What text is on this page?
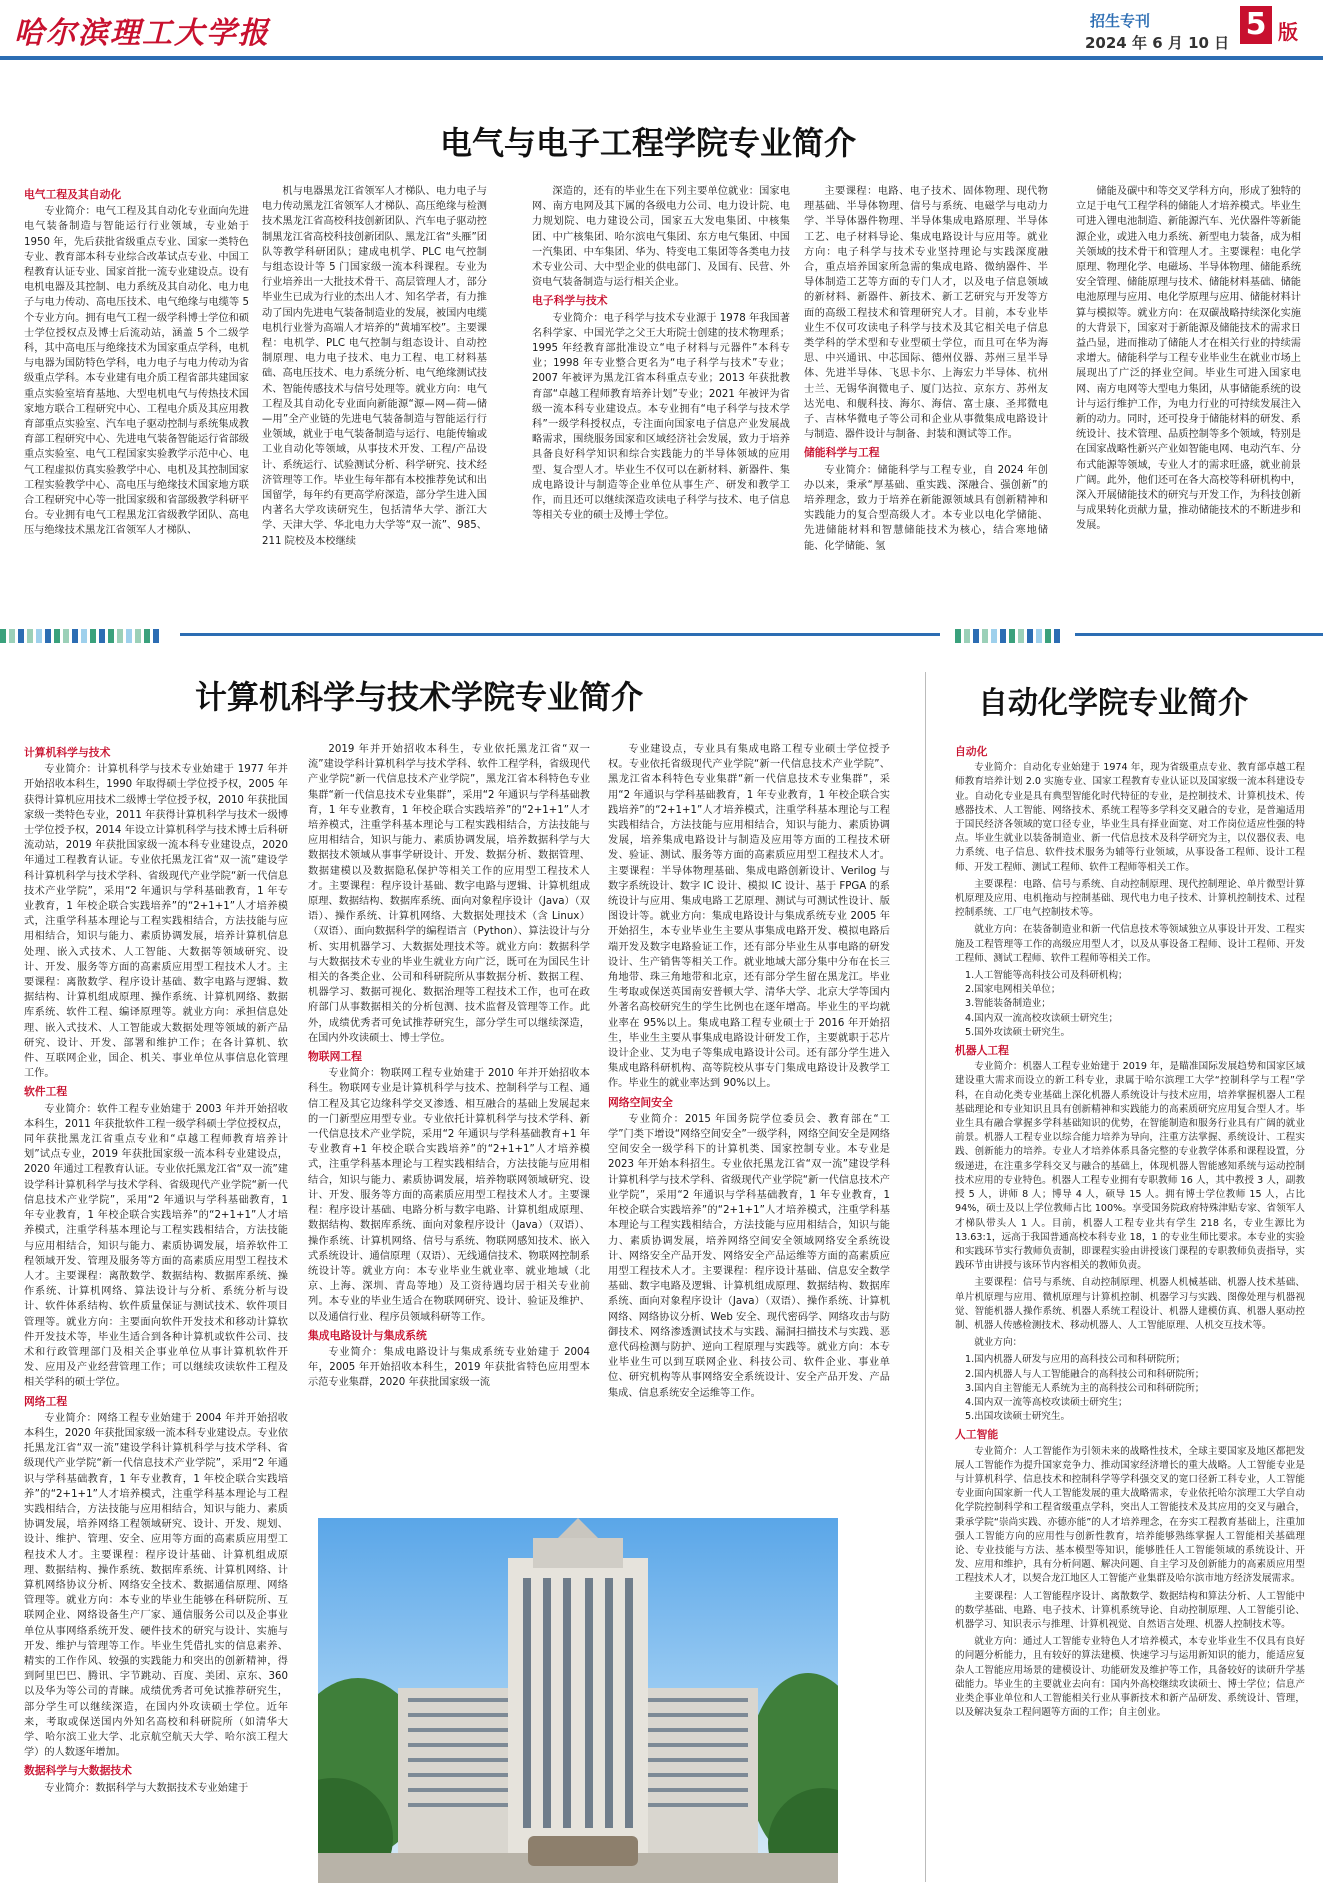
哈尔滨理工大学报	招生专刊
2024 年 6 月 10 日
5 版
电气与电子工程学院专业简介
电气工程及其自动化

专业简介：电气工程及其自动化专业面向先进电气装备制造与智能运行行业领域，专业始于 1950 年，先后获批省级重点专业、国家一类特色专业、教育部本科专业综合改革试点专业、中国工程教育认证专业、国家首批一流专业建设点。设有电机电器及其控制、电力系统及其自动化、电力电子与电力传动、高电压技术、电气绝缘与电缆等 5 个专业方向。拥有电气工程一级学科博士学位和硕士学位授权点及博士后流动站，涵盖 5 个二级学科，其中高电压与绝缘技术为国家重点学科，电机与电器为国防特色学科，电力电子与电力传动为省级重点学科。本专业建有电介质工程省部共建国家重点实验室培育基地、大型电机电气与传热技术国家地方联合工程研究中心、工程电介质及其应用教育部重点实验室、汽车电子驱动控制与系统集成教育部工程研究中心、先进电气装备智能运行省部级重点实验室、电气工程国家实验教学示范中心、电气工程虚拟仿真实验教学中心、电机及其控制国家工程实验教学中心、高电压与绝缘技术国家地方联合工程研究中心等一批国家级和省部级教学科研平台。专业拥有电气工程黑龙江省级教学团队、高电压与绝缘技术黑龙江省领军人才梯队、

机与电器黑龙江省领军人才梯队、电力电子与电力传动黑龙江省领军人才梯队、高压绝缘与检测技术黑龙江省高校科技创新团队、汽车电子驱动控制黑龙江省高校科技创新团队、黑龙江省“头雁”团队等教学科研团队；建成电机学、PLC 电气控制与组态设计等 5 门国家级一流本科课程。专业为行业培养出一大批技术骨干、高层管理人才，部分毕业生已成为行业的杰出人才、知名学者，有力推动了国内先进电气装备制造业的发展，被国内电缆电机行业誉为高端人才培养的“黄埔军校”。主要课程：电机学、PLC 电气控制与组态设计、自动控制原理、电力电子技术、电力工程、电工材料基础、高电压技术、电力系统分析、电气绝缘测试技术、智能传感技术与信号处理等。就业方向：电气工程及其自动化专业面向新能源“源—网—荷—储—用”全产业链的先进电气装备制造与智能运行行业领域，就业于电气装备制造与运行、电能传输或工业自动化等领域，从事技术开发、工程/产品设计、系统运行、试验测试分析、科学研究、技术经济管理等工作。毕业生每年都有本校推荐免试和出国留学，每年约有更高学府深造，部分学生进入国内著名大学攻读研究生，包括清华大学、浙江大学、天津大学、华北电力大学等“双一流”、985、211 院校及本校继续

深造的，还有的毕业生在下列主要单位就业：国家电网、南方电网及其下属的各级电力公司、电力设计院、电力规划院、电力建设公司，国家五大发电集团、中核集团、中广核集团、哈尔滨电气集团、东方电气集团、中国一汽集团、中车集团、华为、特变电工集团等各类电力技术专业公司、大中型企业的供电部门、及国有、民营、外资电气装备制造与运行相关企业。

电子科学与技术

专业简介：电子科学与技术专业源于 1978 年我国著名科学家、中国光学之父王大珩院士创建的技术物理系；1995 年经教育部批准设立“电子材料与元器件”本科专业；1998 年专业整合更名为“电子科学与技术”专业；2007 年被评为黑龙江省本科重点专业；2013 年获批教育部“卓越工程师教育培养计划”专业；2021 年被评为省级一流本科专业建设点。本专业拥有“电子科学与技术学科”一级学科授权点，专注面向国家电子信息产业发展战略需求，围绕服务国家和区域经济社会发展，致力于培养具备良好科学知识和综合实践能力的半导体领域的应用型、复合型人才。毕业生不仅可以在新材料、新器件、集成电路设计与制造等企业单位从事生产、研发和教学工作，而且还可以继续深造攻读电子科学与技术、电子信息等相关专业的硕士及博士学位。

主要课程：电路、电子技术、固体物理、现代物理基础、半导体物理、信号与系统、电磁学与电动力学、半导体器件物理、半导体集成电路原理、半导体工艺、电子材料导论、集成电路设计与应用等。就业方向：电子科学与技术专业坚持理论与实践深度融合，重点培养国家所急需的集成电路、微纳器件、半导体制造工艺等方面的专门人才，以及电子信息领域的新材料、新器件、新技术、新工艺研究与开发等方面的高级工程技术和管理研究人才。目前，本专业毕业生不仅可攻读电子科学与技术及其它相关电子信息类学科的学术型和专业型硕士学位，而且可在华为海思、中兴通讯、中芯国际、德州仪器、苏州三星半导体、先进半导体、飞思卡尔、上海宏力半导体、杭州士兰、无锡华润微电子、厦门达拉、京东方、苏州友达光电、和舰科技、海尔、海信、富士康、圣邦微电子、吉林华微电子等公司和企业从事微集成电路设计与制造、器件设计与制备、封装和测试等工作。

储能科学与工程

专业简介：储能科学与工程专业，自 2024 年创办以来，秉承“厚基础、重实践、深融合、强创新”的培养理念，致力于培养在新能源领域具有创新精神和实践能力的复合型高级人才。本专业以电化学储能、先进储能材料和智慧储能技术为核心，结合寒地储能、化学储能、氢

储能及碳中和等交叉学科方向，形成了独特的立足于电气工程学科的储能人才培养模式。毕业生可进入锂电池制造、新能源汽车、光伏器件等新能源企业，或进入电力系统、新型电力装备，成为相关领域的技术骨干和管理人才。主要课程：电化学原理、物理化学、电磁场、半导体物理、储能系统安全管理、储能原理与技术、储能材料基础、储能电池原理与应用、电化学原理与应用、储能材料计算与模拟等。就业方向：在双碳战略持续深化实施的大背景下，国家对于新能源及储能技术的需求日益凸显，进而推动了储能人才在相关行业的持续需求增大。储能科学与工程专业毕业生在就业市场上展现出了广泛的择业空间。毕业生可进入国家电网、南方电网等大型电力集团，从事储能系统的设计与运行维护工作，为电力行业的可持续发展注入新的动力。同时，还可投身于储能材料的研发、系统设计、技术管理、品质控制等多个领域，特别是在国家战略性新兴产业如智能电网、电动汽车、分布式能源等领域，专业人才的需求旺盛，就业前景广阔。此外，他们还可在各大高校等科研机构中，深入开展储能技术的研究与开发工作，为科技创新与成果转化贡献力量，推动储能技术的不断进步和发展。

计算机科学与技术学院专业简介	自动化学院专业简介
计算机科学与技术

专业简介：计算机科学与技术专业始建于 1977 年并开始招收本科生，1990 年取得硕士学位授予权，2005 年获得计算机应用技术二级博士学位授予权，2010 年获批国家级一类特色专业，2011 年获得计算机科学与技术一级博士学位授予权，2014 年设立计算机科学与技术博士后科研流动站，2019 年获批国家级一流本科专业建设点，2020 年通过工程教育认证。专业依托黑龙江省“双一流”建设学科计算机科学与技术学科、省级现代产业学院“新一代信息技术产业学院”，采用“2 年通识与学科基础教育，1 年专业教育，1 年校企联合实践培养”的“2+1+1”人才培养模式，注重学科基本理论与工程实践相结合，方法技能与应用相结合，知识与能力、素质协调发展，培养计算机信息处理、嵌入式技术、人工智能、大数据等领域研究、设计、开发、服务等方面的高素质应用型工程技术人才。主要课程：离散数学、程序设计基础、数字电路与逻辑、数据结构、计算机组成原理、操作系统、计算机网络、数据库系统、软件工程、编译原理等。就业方向：承担信息处理、嵌入式技术、人工智能或大数据处理等领域的新产品研究、设计、开发、部署和维护工作；在各计算机、软件、互联网企业，国企、机关、事业单位从事信息化管理工作。

软件工程

专业简介：软件工程专业始建于 2003 年并开始招收本科生，2011 年获批软件工程一级学科硕士学位授权点，同年获批黑龙江省重点专业和“卓越工程师教育培养计划”试点专业，2019 年获批国家级一流本科专业建设点，2020 年通过工程教育认证。专业依托黑龙江省“双一流”建设学科计算机科学与技术学科、省级现代产业学院“新一代信息技术产业学院”，采用“2 年通识与学科基础教育，1 年专业教育，1 年校企联合实践培养”的“2+1+1”人才培养模式，注重学科基本理论与工程实践相结合，方法技能与应用相结合，知识与能力、素质协调发展，培养软件工程领域开发、管理及服务等方面的高素质应用型工程技术人才。主要课程：离散数学、数据结构、数据库系统、操作系统、计算机网络、算法设计与分析、系统分析与设计、软件体系结构、软件质量保证与测试技术、软件项目管理等。就业方向：主要面向软件开发技术和移动计算软件开发技术等，毕业生适合到各种计算机或软件公司、技术和行政管理部门及相关企事业单位从事计算机软件开发、应用及产业经营管理工作；可以继续攻读软件工程及相关学科的硕士学位。

网络工程

专业简介：网络工程专业始建于 2004 年并开始招收本科生，2020 年获批国家级一流本科专业建设点。专业依托黑龙江省“双一流”建设学科计算机科学与技术学科、省级现代产业学院“新一代信息技术产业学院”，采用“2 年通识与学科基础教育，1 年专业教育，1 年校企联合实践培养”的“2+1+1”人才培养模式，注重学科基本理论与工程实践相结合，方法技能与应用相结合，知识与能力、素质协调发展，培养网络工程领域研究、设计、开发、规划、设计、维护、管理、安全、应用等方面的高素质应用型工程技术人才。主要课程：程序设计基础、计算机组成原理、数据结构、操作系统、数据库系统、计算机网络、计算机网络协议分析、网络安全技术、数据通信原理、网络管理等。就业方向：本专业的毕业生能够在科研院所、互联网企业、网络设备生产厂家、通信服务公司以及企事业单位从事网络系统开发、硬件技术的研究与设计、实施与开发、维护与管理等工作。毕业生凭借扎实的信息素养、精实的工作作风、较强的实践能力和突出的创新精神，得到阿里巴巴、腾讯、字节跳动、百度、美团、京东、360 以及华为等公司的青睐。成绩优秀者可免试推荐研究生，部分学生可以继续深造，在国内外攻读硕士学位。近年来，考取或保送国内外知名高校和科研院所（如清华大学、哈尔滨工业大学、北京航空航天大学、哈尔滨工程大学）的人数逐年增加。

数据科学与大数据技术

专业简介：数据科学与大数据技术专业始建于

2019 年并开始招收本科生，专业依托黑龙江省“双一流”建设学科计算机科学与技术学科、软件工程学科，省级现代产业学院“新一代信息技术产业学院”，黑龙江省本科特色专业集群“新一代信息技术专业集群”，采用“2 年通识与学科基础教育，1 年专业教育，1 年校企联合实践培养”的“2+1+1”人才培养模式，注重学科基本理论与工程实践相结合，方法技能与应用相结合，知识与能力、素质协调发展，培养数据科学与大数据技术领域从事事学研设计、开发、数据分析、数据管理、数据建模以及数据隐私保护等相关工作的应用型工程技术人才。主要课程：程序设计基础、数字电路与逻辑、计算机组成原理、数据结构、数据库系统、面向对象程序设计（Java）（双语）、操作系统、计算机网络、大数据处理技术（含 Linux）（双语）、面向数据科学的编程语言（Python）、算法设计与分析、实用机器学习、大数据处理技术等。就业方向：数据科学与大数据技术专业的毕业生就业方向广泛，既可在为国民生计相关的各类企业、公司和科研院所从事数据分析、数据工程、机器学习、数据可视化、数据治理等工程技术工作，也可在政府部门从事数据相关的分析包测、技术监督及管理等工作。此外，成绩优秀者可免试推荐研究生，部分学生可以继续深造，在国内外攻读硕士、博士学位。

物联网工程

专业简介：物联网工程专业始建于 2010 年并开始招收本科生。物联网专业是计算机科学与技术、控制科学与工程、通信工程及其它边缘科学交叉渗透、相互融合的基础上发展起来的一门新型应用型专业。专业依托计算机科学与技术学科、新一代信息技术产业学院，采用“2 年通识与学科基础教育+1 年专业教育+1 年校企联合实践培养”的“2+1+1”人才培养模式，注重学科基本理论与工程实践相结合，方法技能与应用相结合，知识与能力、素质协调发展，培养物联网领域研究、设计、开发、服务等方面的高素质应用型工程技术人才。主要课程：程序设计基础、电路分析与数字电路、计算机组成原理、数据结构、数据库系统、面向对象程序设计（Java）（双语）、操作系统、计算机网络、信号与系统、物联网感知技术、嵌入式系统设计、通信原理（双语）、无线通信技术、物联网控制系统设计等。就业方向：本专业毕业生就业率、就业地域（北京、上海、深圳、青岛等地）及工资待遇均居于相关专业前列。本专业的毕业生适合在物联网研究、设计、验证及维护、以及通信行业、程序员领域科研等工作。

集成电路设计与集成系统

专业简介：集成电路设计与集成系统专业始建于 2004 年，2005 年开始招收本科生，2019 年获批省特色应用型本示范专业集群，2020 年获批国家级一流

专业建设点，专业具有集成电路工程专业硕士学位授予权。专业依托省级现代产业学院“新一代信息技术产业学院”、黑龙江省本科特色专业集群“新一代信息技术专业集群”，采用“2 年通识与学科基础教育，1 年专业教育，1 年校企联合实践培养”的“2+1+1”人才培养模式，注重学科基本理论与工程实践相结合，方法技能与应用相结合，知识与能力、素质协调发展，培养集成电路设计与制造及应用等方面的工程技术研发、验证、测试、服务等方面的高素质应用型工程技术人才。主要课程：半导体物理基础、集成电路创新设计、Verilog 与数字系统设计、数字 IC 设计、模拟 IC 设计、基于 FPGA 的系统设计与应用、集成电路工艺原理、测试与可测试性设计、版图设计等。就业方向：集成电路设计与集成系统专业 2005 年开始招生，本专业毕业生主要从事集成电路开发、模拟电路后端开发及数字电路验证工作，还有部分毕业生从事电路的研发设计、生产销售等相关工作。就业地域大部分集中分布在长三角地带、珠三角地带和北京，还有部分学生留在黑龙江。毕业生考取或保送英国南安普顿大学、清华大学、北京大学等国内外著名高校研究生的学生比例也在逐年增高。毕业生的平均就业率在 95%以上。集成电路工程专业硕士于 2016 年开始招生，毕业生主要从事集成电路设计研发工作，主要就职于芯片设计企业、艾为电子等集成电路设计公司。还有部分学生进入集成电路科研机构、高等院校从事专门集成电路设计及教学工作。毕业生的就业率达到 90%以上。

网络空间安全

专业简介：2015 年国务院学位委员会、教育部在“工学”门类下增设“网络空间安全”一级学科，网络空间安全是网络空间安全一级学科下的计算机类、国家控制专业。本专业是 2023 年开始本科招生。专业依托黑龙江省“双一流”建设学科计算机科学与技术学科、省级现代产业学院“新一代信息技术产业学院”，采用“2 年通识与学科基础教育，1 年专业教育，1 年校企联合实践培养”的“2+1+1”人才培养模式，注重学科基本理论与工程实践相结合，方法技能与应用相结合，知识与能力、素质协调发展，培养网络空间安全领域网络安全系统设计、网络安全产品开发、网络安全产品运维等方面的高素质应用型工程技术人才。主要课程：程序设计基础、信息安全数学基础、数字电路及逻辑、计算机组成原理、数据结构、数据库系统、面向对象程序设计（Java）（双语）、操作系统、计算机网络、网络协议分析、Web 安全、现代密码学、网络攻击与防御技术、网络渗透测试技术与实践、漏洞扫描技术与实践、恶意代码检测与防护、逆向工程原理与实践等。就业方向：本专业毕业生可以到互联网企业、科技公司、软件企业、事业单位、研究机构等从事网络安全系统设计、安全产品开发、产品集成、信息系统安全运维等工作。

自动化

专业简介：自动化专业始建于 1974 年，现为省级重点专业、教育部卓越工程师教育培养计划 2.0 实施专业、国家工程教育专业认证以及国家级一流本科建设专业。自动化专业是具有典型智能化时代特征的专业，是控制技术、计算机技术、传感器技术、人工智能、网络技术、系统工程等多学科交叉融合的专业，是普遍适用于国民经济各领域的宽口径专业，毕业生具有择业面宽、对工作岗位适应性强的特点。毕业生就业以装备制造业、新一代信息技术及科学研究为主，以仪器仪表、电力系统、电子信息、软件技术服务为辅等行业领域，从事设备工程师、设计工程师、开发工程师、测试工程师、软件工程师等相关工作。

主要课程：电路、信号与系统、自动控制原理、现代控制理论、单片微型计算机原理及应用、电机拖动与控制基础、现代电力电子技术、计算机控制技术、过程控制系统、工厂电气控制技术等。

就业方向：在装备制造业和新一代信息技术等领域独立从事设计开发、工程实施及工程管理等工作的高级应用型人才，以及从事设备工程师、设计工程师、开发工程师、测试工程师、软件工程师等相关工作。

1.人工智能等高科技公司及科研机构；
2.国家电网相关单位；
3.智能装备制造业；
4.国内双一流高校攻读硕士研究生；
5.国外攻读硕士研究生。
机器人工程

专业简介：机器人工程专业始建于 2019 年，是瞄准国际发展趋势和国家区域建设重大需求而设立的新工科专业，隶属于哈尔滨理工大学“控制科学与工程”学科，在自动化类专业基础上深化机器人系统设计与技术应用，培养掌握机器人工程基础理论和专业知识且具有创新精神和实践能力的高素质研究应用复合型人才。毕业生具有融合掌握多学科基础知识的优势，在智能制造和服务行业具有广阔的就业前景。机器人工程专业以综合能力培养为导向，注重方法掌握、系统设计、工程实践、创新能力的培养。专业人才培养体系具备完整的专业教学体系和课程设置，分级递进，在注重多学科交叉与融合的基础上，体现机器人智能感知系统与运动控制技术应用的专业特色。机器人工程专业拥有专职教师 16 人，其中教授 3 人，副教授 5 人，讲师 8 人；博导 4 人，硕导 15 人。拥有博士学位教师 15 人，占比 94%，硕士及以上学位教师占比 100%。享受国务院政府特殊津贴专家、省领军人才梯队带头人 1 人。目前，机器人工程专业共有学生 218 名，专业生源比为 13.63:1，远高于我国普通高校本科专业 18，1 的专业生师比要求。本专业的实验和实践环节实行教师负责制，即课程实验由讲授该门课程的专职教师负责指导，实践环节由讲授与该环节内容相关的教师负责。

主要课程：信号与系统、自动控制原理、机器人机械基础、机器人技术基础、单片机原理与应用、微机原理与计算机控制、机器学习与实践、图像处理与机器视觉、智能机器人操作系统、机器人系统工程设计、机器人建模仿真、机器人驱动控制、机器人传感检测技术、移动机器人、人工智能原理、人机交互技术等。

就业方向：

1.国内机器人研发与应用的高科技公司和科研院所；
2.国内机器人与人工智能融合的高科技公司和科研院所；
3.国内自主智能无人系统为主的高科技公司和科研院所；
4.国内双一流等高校攻读硕士研究生；
5.出国攻读硕士研究生。
人工智能

专业简介：人工智能作为引领未来的战略性技术，全球主要国家及地区都把发展人工智能作为提升国家竞争力、推动国家经济增长的重大战略。人工智能专业是与计算机科学、信息技术和控制科学等学科强交叉的宽口径新工科专业，人工智能专业面向国家新一代人工智能发展的重大战略需求，专业依托哈尔滨理工大学自动化学院控制科学和工程省级重点学科，突出人工智能技术及其应用的交叉与融合，秉承学院“崇尚实践、亦德亦能”的人才培养理念，在夯实工程教育基础上，注重加强人工智能方向的应用性与创新性教育，培养能够熟练掌握人工智能相关基础理论、专业技能与方法、基本模型等知识，能够胜任人工智能领域的系统设计、开发、应用和维护，具有分析问题、解决问题、自主学习及创新能力的高素质应用型工程技术人才，以契合龙江地区人工智能产业集群及哈尔滨市地方经济发展需求。

主要课程：人工智能程序设计、离散数学、数据结构和算法分析、人工智能中的数学基础、电路、电子技术、计算机系统导论、自动控制原理、人工智能引论、机器学习、知识表示与推理、计算机视觉、自然语言处理、机器人控制技术等。

就业方向：通过人工智能专业特色人才培养模式，本专业毕业生不仅具有良好的问题分析能力，且有较好的算法建模、快速学习与运用新知识的能力，能适应复杂人工智能应用场景的建模设计、功能研发及维护等工作，具备较好的读研升学基础能力。毕业生的主要就业去向有：国内外高校继续攻读硕士、博士学位；信息产业类企事业单位和人工智能相关行业从事新技术和新产品研发、系统设计、管理，以及解决复杂工程问题等方面的工作；自主创业。
